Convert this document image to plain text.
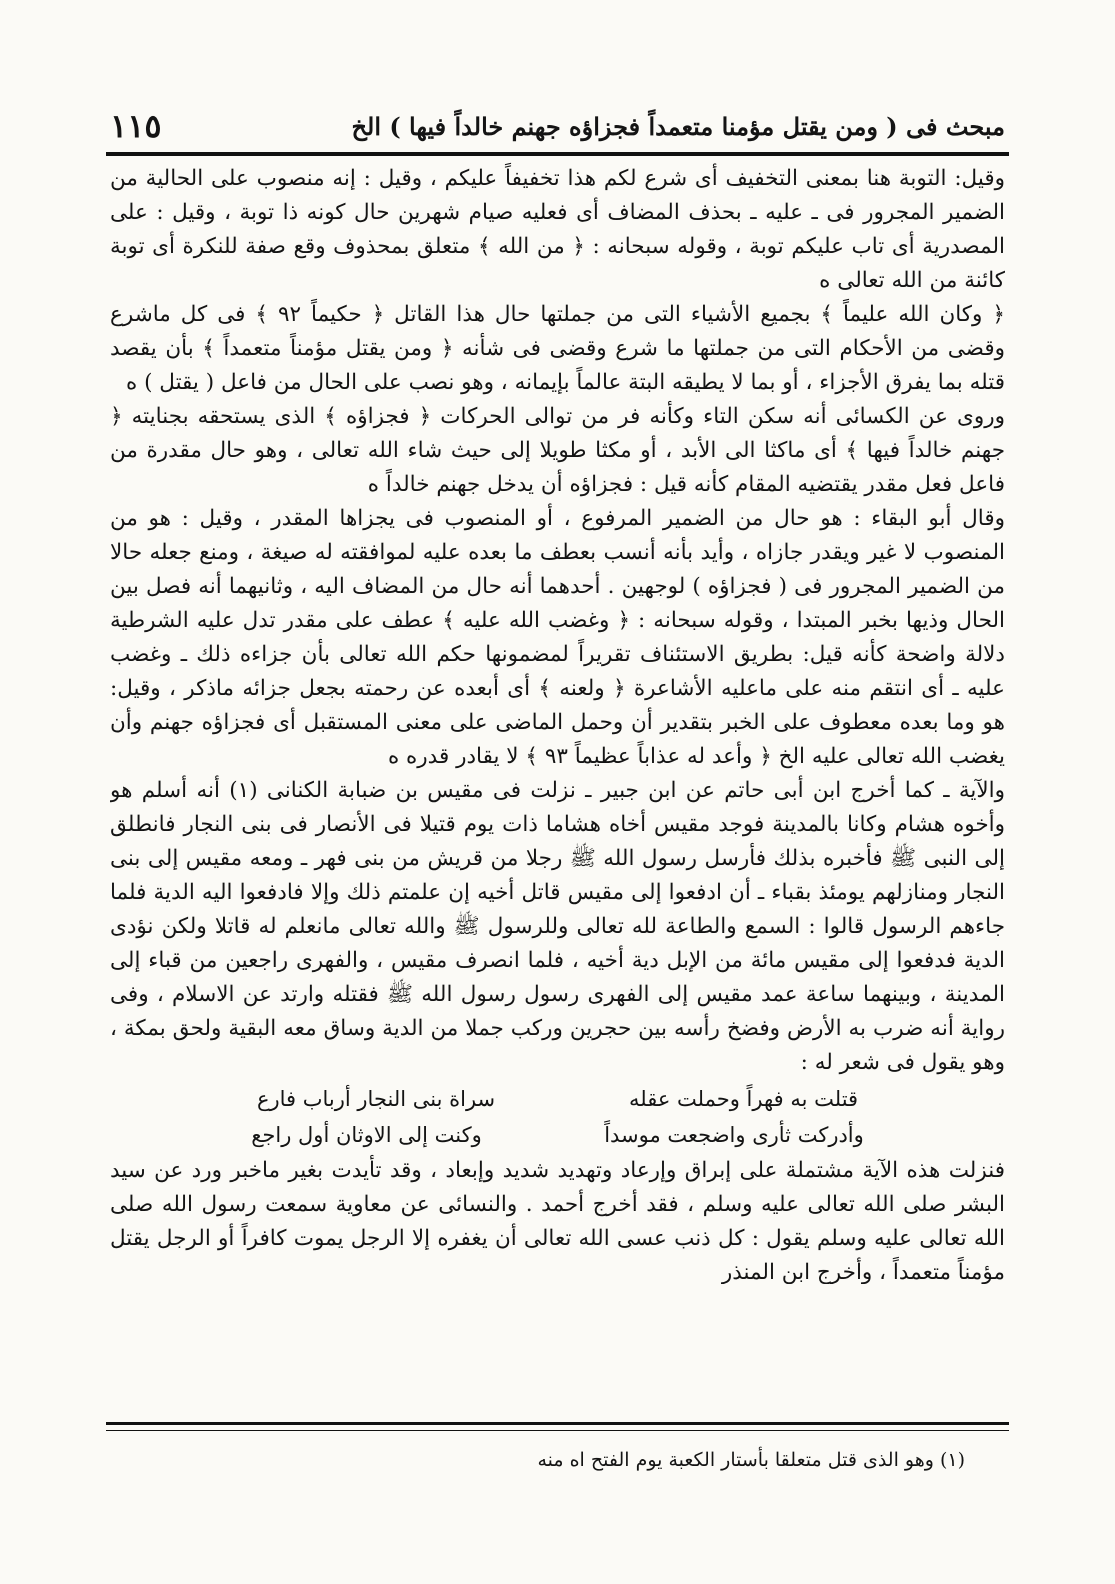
مبحث فى ( ومن يقتل مؤمنا متعمداً فجزاؤه جهنم خالداً فيها ) الخ
١١٥

وقيل: التوبة هنا بمعنى التخفيف أى شرع لكم هذا تخفيفاً عليكم ، وقيل : إنه منصوب على الحالية من الضمير المجرور فى ـ عليه ـ بحذف المضاف أى فعليه صيام شهرين حال كونه ذا توبة ، وقيل : على المصدرية أى تاب عليكم توبة ، وقوله سبحانه : ﴿ من الله ﴾ متعلق بمحذوف وقع صفة للنكرة أى توبة كائنة من الله تعالى ه

﴿ وكان الله عليماً ﴾ بجميع الأشياء التى من جملتها حال هذا القاتل ﴿ حكيماً ٩٢ ﴾ فى كل ماشرع وقضى من الأحكام التى من جملتها ما شرع وقضى فى شأنه ﴿ ومن يقتل مؤمناً متعمداً ﴾ بأن يقصد قتله بما يفرق الأجزاء ، أو بما لا يطيقه البتة عالماً بإيمانه ، وهو نصب على الحال من فاعل ( يقتل ) ه

وروى عن الكسائى أنه سكن التاء وكأنه فر من توالى الحركات ﴿ فجزاؤه ﴾ الذى يستحقه بجنايته ﴿ جهنم خالداً فيها ﴾ أى ماكثا الى الأبد ، أو مكثا طويلا إلى حيث شاء الله تعالى ، وهو حال مقدرة من فاعل فعل مقدر يقتضيه المقام كأنه قيل : فجزاؤه أن يدخل جهنم خالداً ه

وقال أبو البقاء : هو حال من الضمير المرفوع ، أو المنصوب فى يجزاها المقدر ، وقيل : هو من المنصوب لا غير ويقدر جازاه ، وأيد بأنه أنسب بعطف ما بعده عليه لموافقته له صيغة ، ومنع جعله حالا من الضمير المجرور فى ( فجزاؤه ) لوجهين . أحدهما أنه حال من المضاف اليه ، وثانيهما أنه فصل بين الحال وذيها بخبر المبتدا ، وقوله سبحانه : ﴿ وغضب الله عليه ﴾ عطف على مقدر تدل عليه الشرطية دلالة واضحة كأنه قيل: بطريق الاستئناف تقريراً لمضمونها حكم الله تعالى بأن جزاءه ذلك ـ وغضب عليه ـ أى انتقم منه على ماعليه الأشاعرة ﴿ ولعنه ﴾ أى أبعده عن رحمته بجعل جزائه ماذكر ، وقيل: هو وما بعده معطوف على الخبر بتقدير أن وحمل الماضى على معنى المستقبل أى فجزاؤه جهنم وأن يغضب الله تعالى عليه الخ ﴿ وأعد له عذاباً عظيماً ٩٣ ﴾ لا يقادر قدره ه

والآية ـ كما أخرج ابن أبى حاتم عن ابن جبير ـ نزلت فى مقيس بن ضبابة الكنانى (١) أنه أسلم هو وأخوه هشام وكانا بالمدينة فوجد مقيس أخاه هشاما ذات يوم قتيلا فى الأنصار فى بنى النجار فانطلق إلى النبى ﷺ فأخبره بذلك فأرسل رسول الله ﷺ رجلا من قريش من بنى فهر ـ ومعه مقيس إلى بنى النجار ومنازلهم يومئذ بقباء ـ أن ادفعوا إلى مقيس قاتل أخيه إن علمتم ذلك وإلا فادفعوا اليه الدية فلما جاءهم الرسول قالوا : السمع والطاعة لله تعالى وللرسول ﷺ والله تعالى مانعلم له قاتلا ولكن نؤدى الدية فدفعوا إلى مقيس مائة من الإبل دية أخيه ، فلما انصرف مقيس ، والفهرى راجعين من قباء إلى المدينة ، وبينهما ساعة عمد مقيس إلى الفهرى رسول رسول الله ﷺ فقتله وارتد عن الاسلام ، وفى رواية أنه ضرب به الأرض وفضخ رأسه بين حجرين وركب جملا من الدية وساق معه البقية ولحق بمكة ، وهو يقول فى شعر له :

قتلت به فهراً وحملت عقله
سراة بنى النجار أرباب فارع
وأدركت ثأرى واضجعت موسداً
وكنت إلى الاوثان أول راجع

فنزلت هذه الآية مشتملة على إبراق وإرعاد وتهديد شديد وإبعاد ، وقد تأيدت بغير ماخبر ورد عن سيد البشر صلى الله تعالى عليه وسلم ، فقد أخرج أحمد . والنسائى عن معاوية سمعت رسول الله صلى الله تعالى عليه وسلم يقول : كل ذنب عسى الله تعالى أن يغفره إلا الرجل يموت كافراً أو الرجل يقتل مؤمناً متعمداً ، وأخرج ابن المنذر

(١) وهو الذى قتل متعلقا بأستار الكعبة يوم الفتح اه منه
